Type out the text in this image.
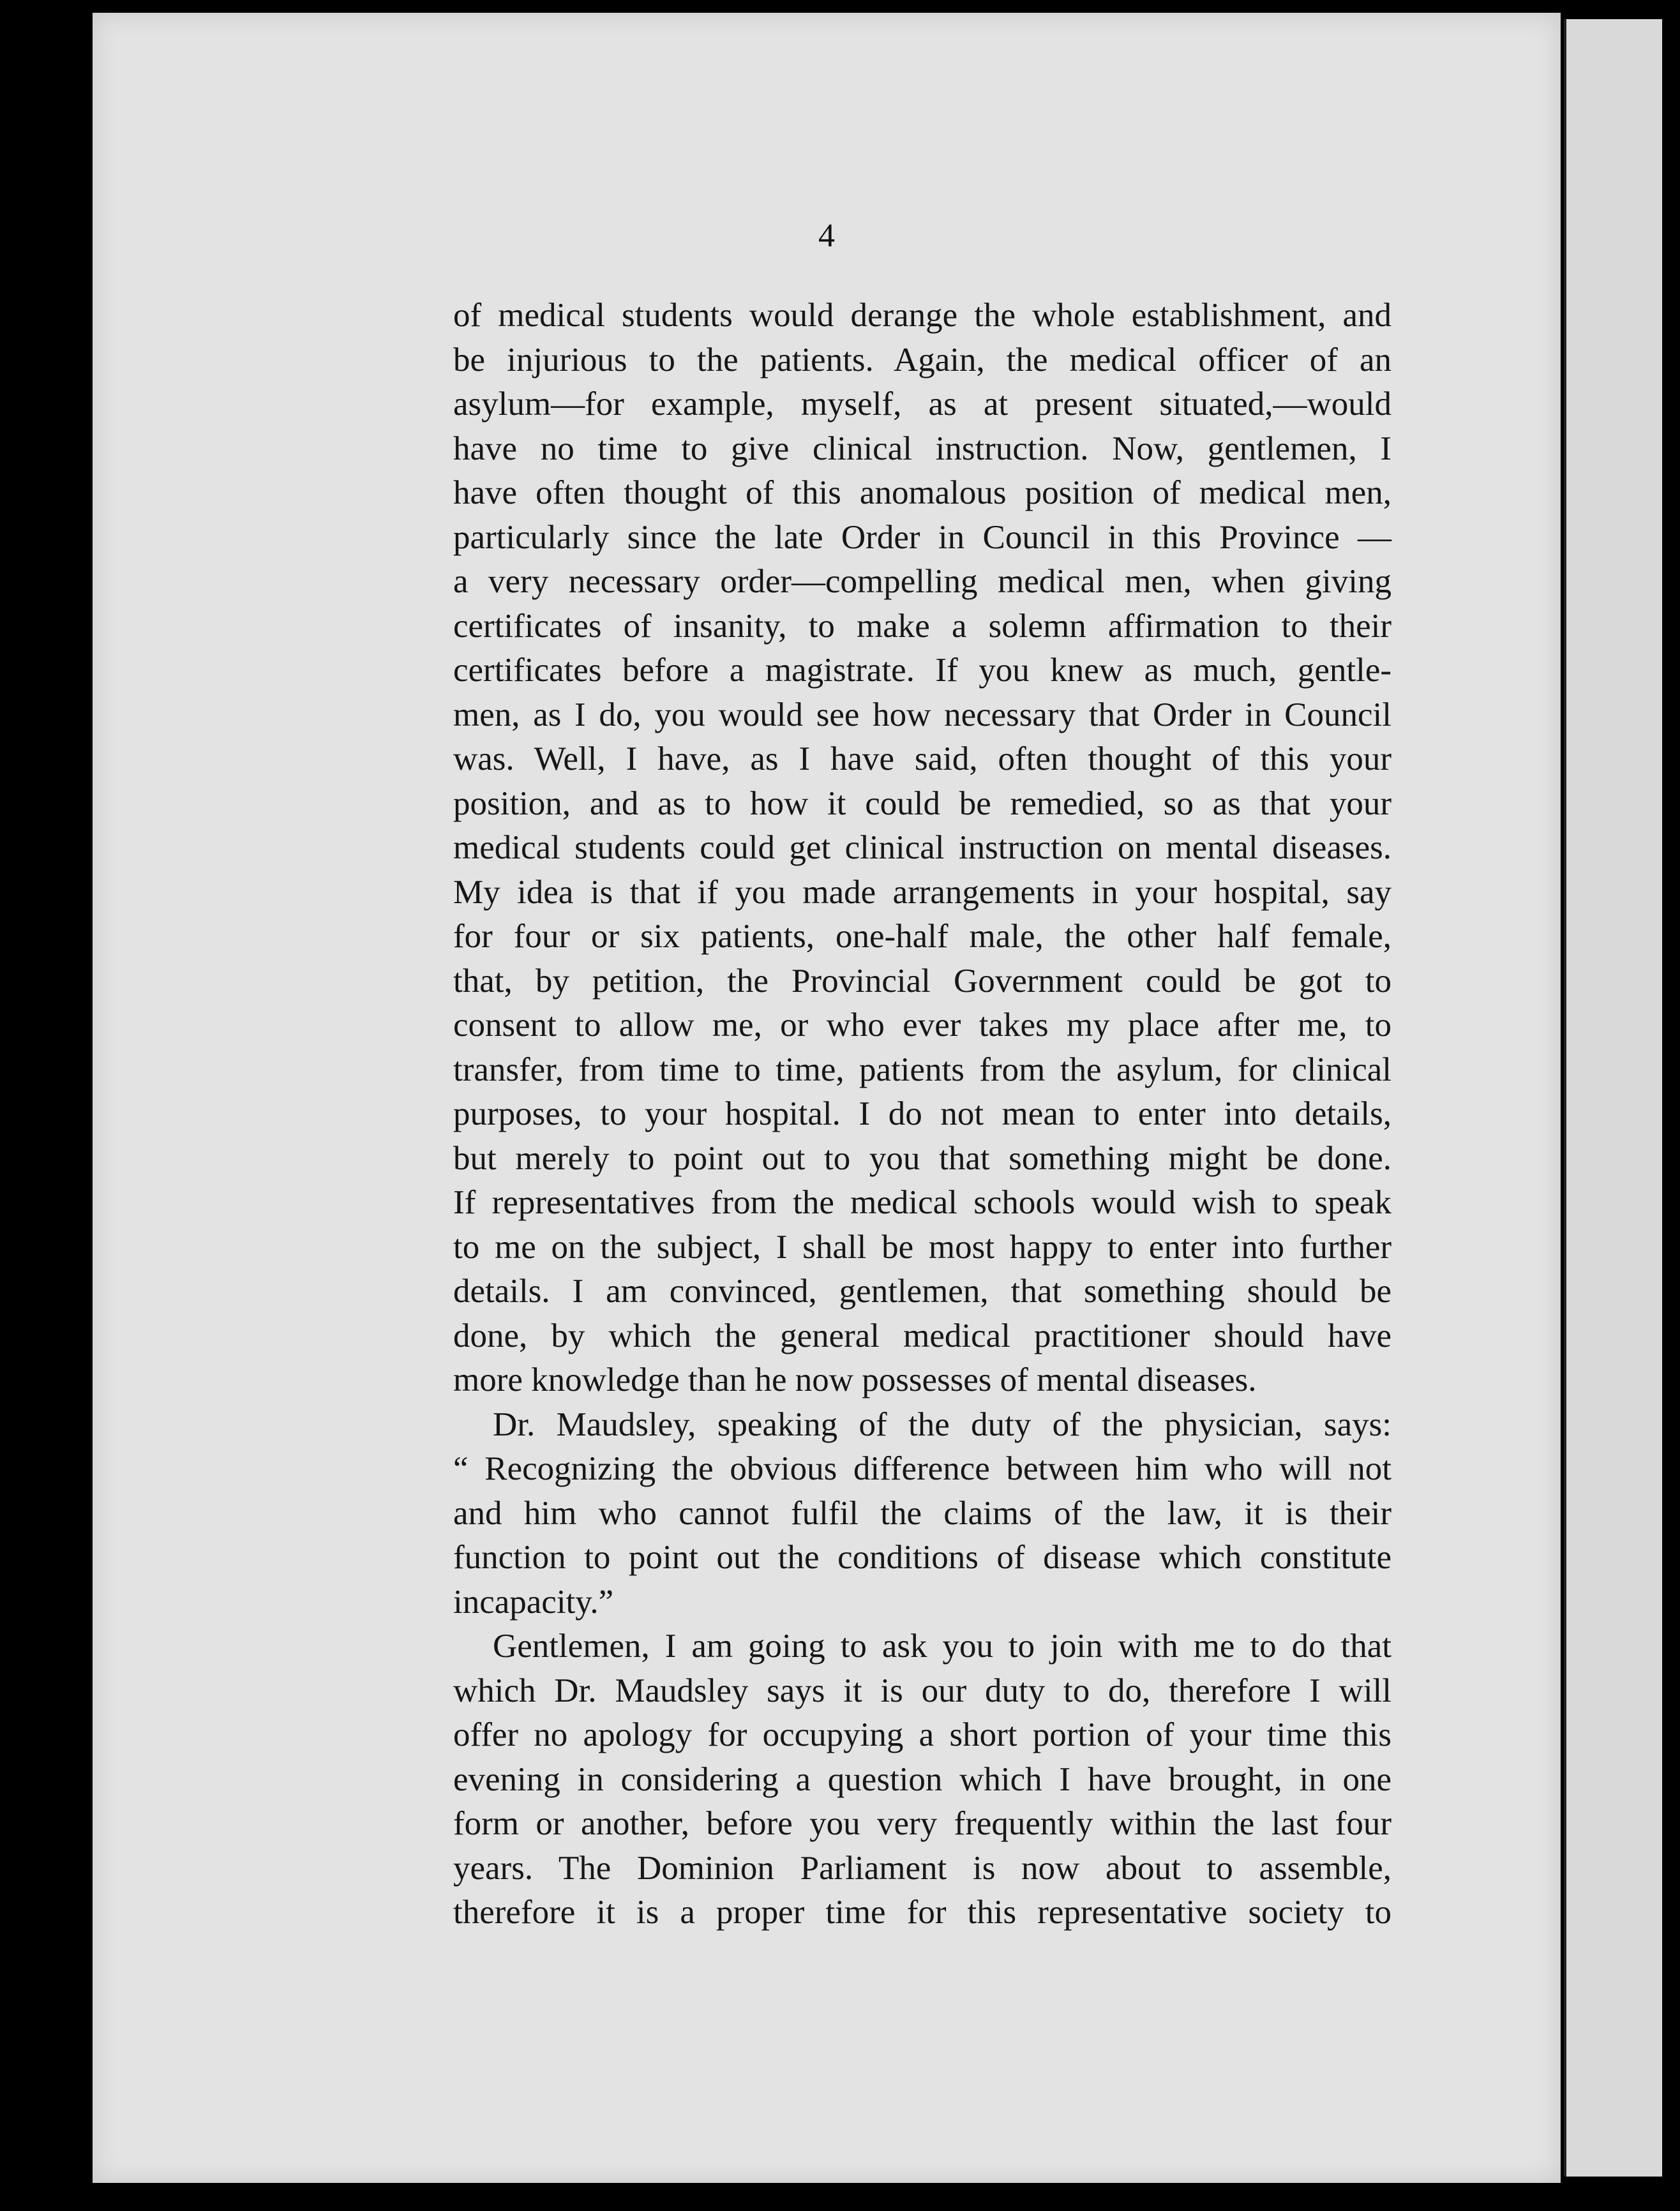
4
of medical students would derange the whole establishment, and
be injurious to the patients. Again, the medical officer of an
asylum—for example, myself, as at present situated,—would
have no time to give clinical instruction. Now, gentlemen, I
have often thought of this anomalous position of medical men,
particularly since the late Order in Council in this Province —
a very necessary order—compelling medical men, when giving
certificates of insanity, to make a solemn affirmation to their
certificates before a magistrate. If you knew as much, gentle-
men, as I do, you would see how necessary that Order in Council
was. Well, I have, as I have said, often thought of this your
position, and as to how it could be remedied, so as that your
medical students could get clinical instruction on mental diseases.
My idea is that if you made arrangements in your hospital, say
for four or six patients, one-half male, the other half female,
that, by petition, the Provincial Government could be got to
consent to allow me, or who ever takes my place after me, to
transfer, from time to time, patients from the asylum, for clinical
purposes, to your hospital. I do not mean to enter into details,
but merely to point out to you that something might be done.
If representatives from the medical schools would wish to speak
to me on the subject, I shall be most happy to enter into further
details. I am convinced, gentlemen, that something should be
done, by which the general medical practitioner should have
more knowledge than he now possesses of mental diseases.
Dr. Maudsley, speaking of the duty of the physician, says:
“ Recognizing the obvious difference between him who will not
and him who cannot fulfil the claims of the law, it is their
function to point out the conditions of disease which constitute
incapacity.”
Gentlemen, I am going to ask you to join with me to do that
which Dr. Maudsley says it is our duty to do, therefore I will
offer no apology for occupying a short portion of your time this
evening in considering a question which I have brought, in one
form or another, before you very frequently within the last four
years. The Dominion Parliament is now about to assemble,
therefore it is a proper time for this representative society to
